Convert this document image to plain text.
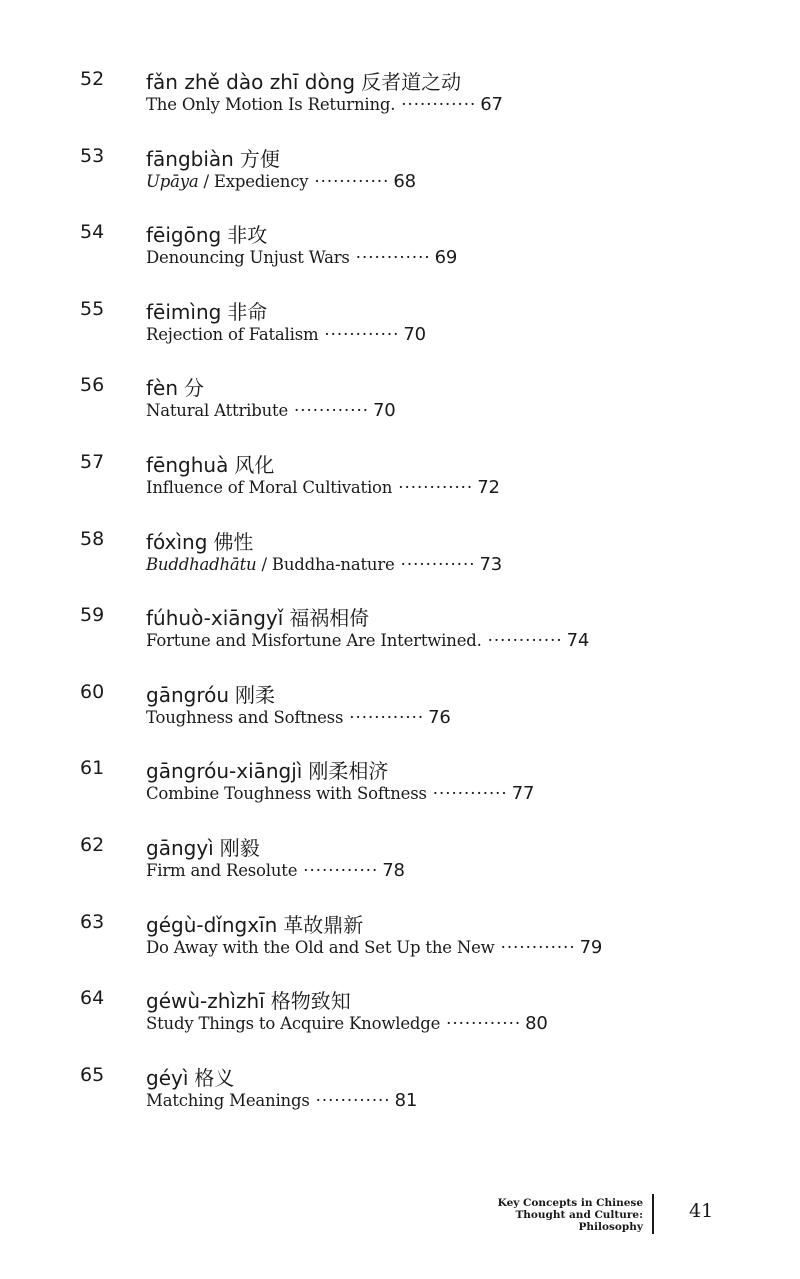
52 fǎn zhě dào zhī dòng 反者道之动
The Only Motion Is Returning. ············ 67
53 fāngbiàn 方便
Upāya / Expediency ············ 68
54 fēigōng 非攻
Denouncing Unjust Wars ············ 69
55 fēimìng 非命
Rejection of Fatalism ············ 70
56 fèn 分
Natural Attribute ············ 70
57 fēnghuà 风化
Influence of Moral Cultivation ············ 72
58 fóxìng 佛性
Buddhadhātu / Buddha-nature ············ 73
59 fúhuò-xiāngyǐ 福祸相倚
Fortune and Misfortune Are Intertwined. ············ 74
60 gāngróu 刚柔
Toughness and Softness ············ 76
61 gāngróu-xiāngjì 刚柔相济
Combine Toughness with Softness ············ 77
62 gāngyì 刚毅
Firm and Resolute ············ 78
63 gégù-dǐngxīn 革故鼎新
Do Away with the Old and Set Up the New ············ 79
64 géwù-zhìzhī 格物致知
Study Things to Acquire Knowledge ············ 80
65 géyì 格义
Matching Meanings ············ 81
Key Concepts in Chinese
Thought and Culture:
Philosophy
41
